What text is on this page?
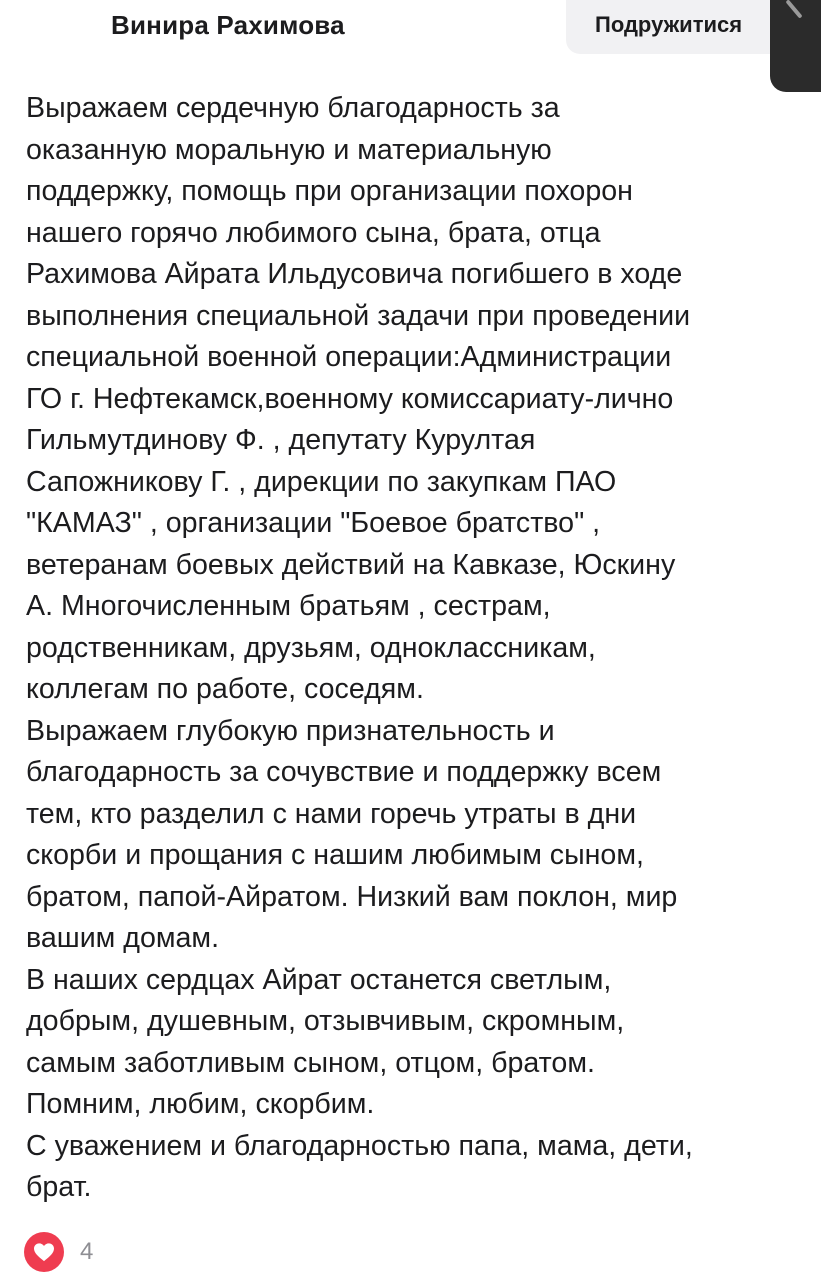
Винира Рахимова	Подружитися

Выражаем сердечную благодарность за
оказанную моральную и материальную
поддержку, помощь при организации похорон
нашего горячо любимого сына, брата, отца
Рахимова Айрата Ильдусовича погибшего в ходе
выполнения специальной задачи при проведении
специальной военной операции:Администрации
ГО г. Нефтекамск,военному комиссариату-лично
Гильмутдинову Ф. , депутату Курултая
Сапожникову Г. , дирекции по закупкам ПАО
"КАМАЗ" , организации "Боевое братство" ,
ветеранам боевых действий на Кавказе, Юскину
А. Многочисленным братьям , сестрам,
родственникам, друзьям, одноклассникам,
коллегам по работе, соседям.

Выражаем глубокую признательность и
благодарность за сочувствие и поддержку всем
тем, кто разделил с нами горечь утраты в дни
скорби и прощания с нашим любимым сыном,
братом, папой-Айратом. Низкий вам поклон, мир
вашим домам.

В наших сердцах Айрат останется светлым,
добрым, душевным, отзывчивым, скромным,
самым заботливым сыном, отцом, братом.
Помним, любим, скорбим.

С уважением и благодарностью папа, мама, дети,
брат.

4
